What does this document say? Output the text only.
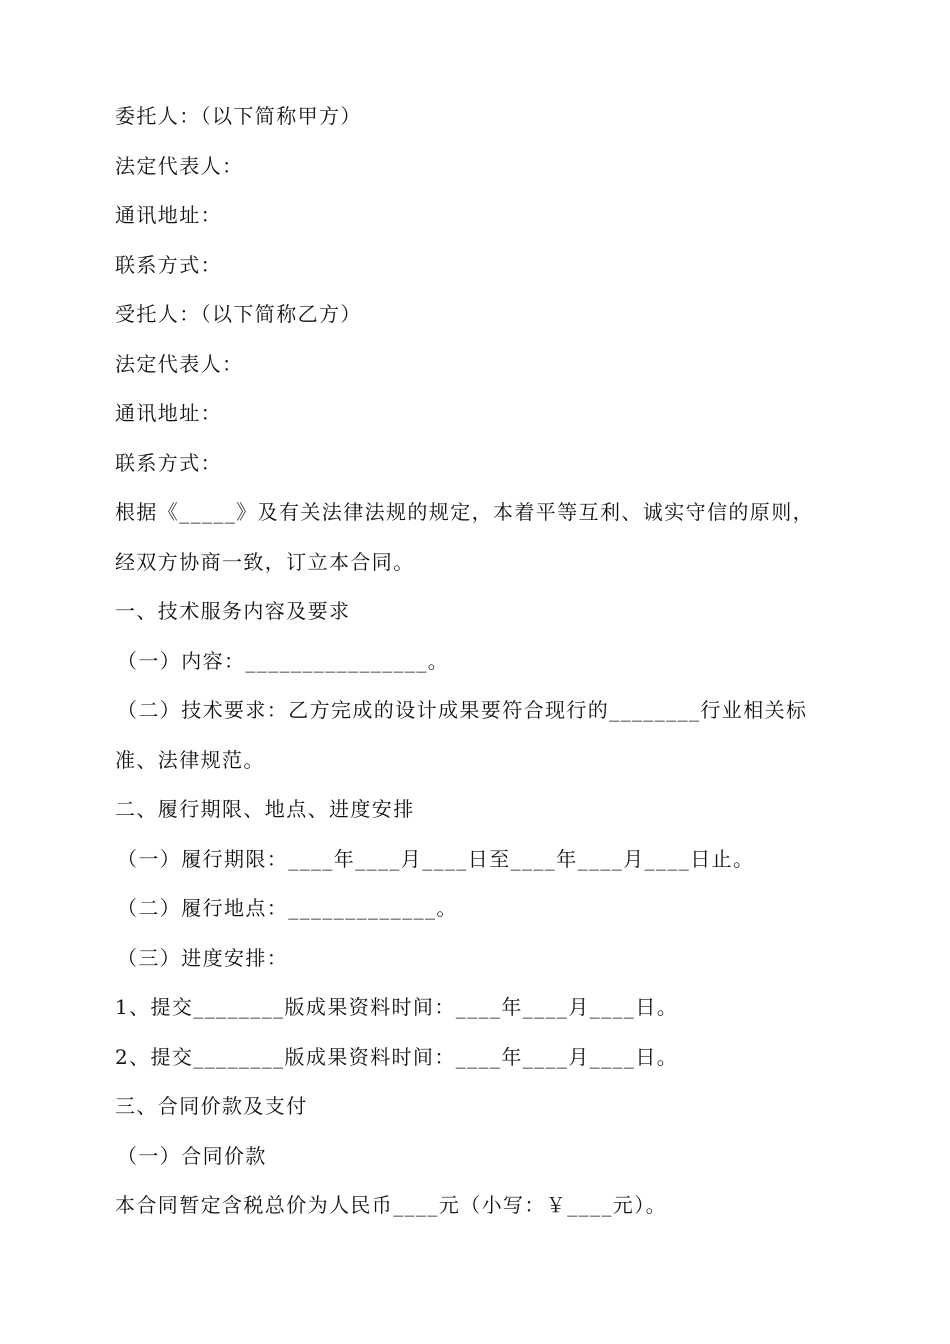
委托人：（以下简称甲方）
法定代表人：
通讯地址：
联系方式：
受托人：（以下简称乙方）
法定代表人：
通讯地址：
联系方式：
根据《_____》及有关法律法规的规定，本着平等互利、诚实守信的原则，
经双方协商一致，订立本合同。
一、技术服务内容及要求
（一）内容：________________。
（二）技术要求：乙方完成的设计成果要符合现行的________行业相关标
准、法律规范。
二、履行期限、地点、进度安排
（一）履行期限：____年____月____日至____年____月____日止。
（二）履行地点：_____________。
（三）进度安排：
1、提交________版成果资料时间：____年____月____日。
2、提交________版成果资料时间：____年____月____日。
三、合同价款及支付
（一）合同价款
本合同暂定含税总价为人民币____元（小写：￥____元）。
